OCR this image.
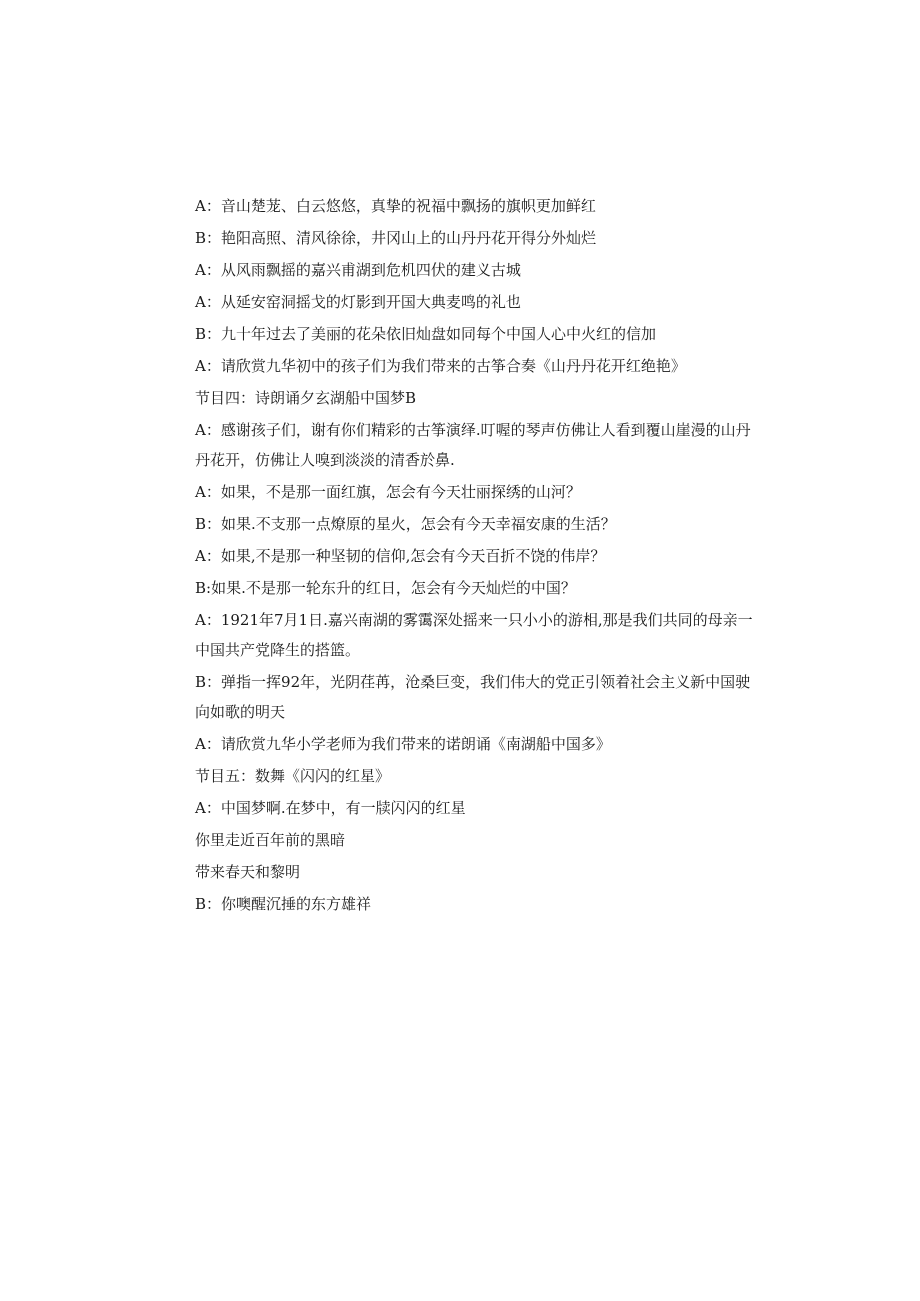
A：音山楚茏、白云悠悠，真挚的祝福中飘扬的旗帜更加鲜红

B：艳阳高照、清风徐徐，井冈山上的山丹丹花开得分外灿烂

A：从风雨飘摇的嘉兴甫湖到危机四伏的建义古城

A：从延安窑洞摇戈的灯影到开国大典麦鸣的礼也

B：九十年过去了美丽的花朵依旧灿盘如同每个中国人心中火红的信加

A：请欣赏九华初中的孩子们为我们带来的古筝合奏《山丹丹花开红绝艳》

节目四：诗朗诵夕玄湖船中国梦B

A：感谢孩子们，谢有你们精彩的古筝演绎.叮喔的琴声仿佛让人看到覆山崖漫的山丹丹花开，仿佛让人嗅到淡淡的清香於鼻.

A：如果，不是那一面红旗，怎会有今天壮丽探绣的山河？

B：如果.不支那一点燎原的星火，怎会有今天幸福安康的生活？

A：如果,不是那一种坚韧的信仰,怎会有今天百折不饶的伟岸？

B:如果.不是那一轮东升的红日，怎会有今天灿烂的中国？

A：1921年7月1日.嘉兴南湖的雾霭深处摇来一只小小的游相,那是我们共同的母亲一中国共产党降生的搭篮。

B：弹指一挥92年，光阴荏苒，沧桑巨变，我们伟大的党正引领着社会主义新中国驶向如歌的明天

A：请欣赏九华小学老师为我们带来的诺朗诵《南湖船中国多》

节目五：数舞《闪闪的红星》

A：中国梦啊.在梦中，有一牍闪闪的红星

你里走近百年前的黑暗

带来春天和黎明

B：你噢醒沉捶的东方雄祥
